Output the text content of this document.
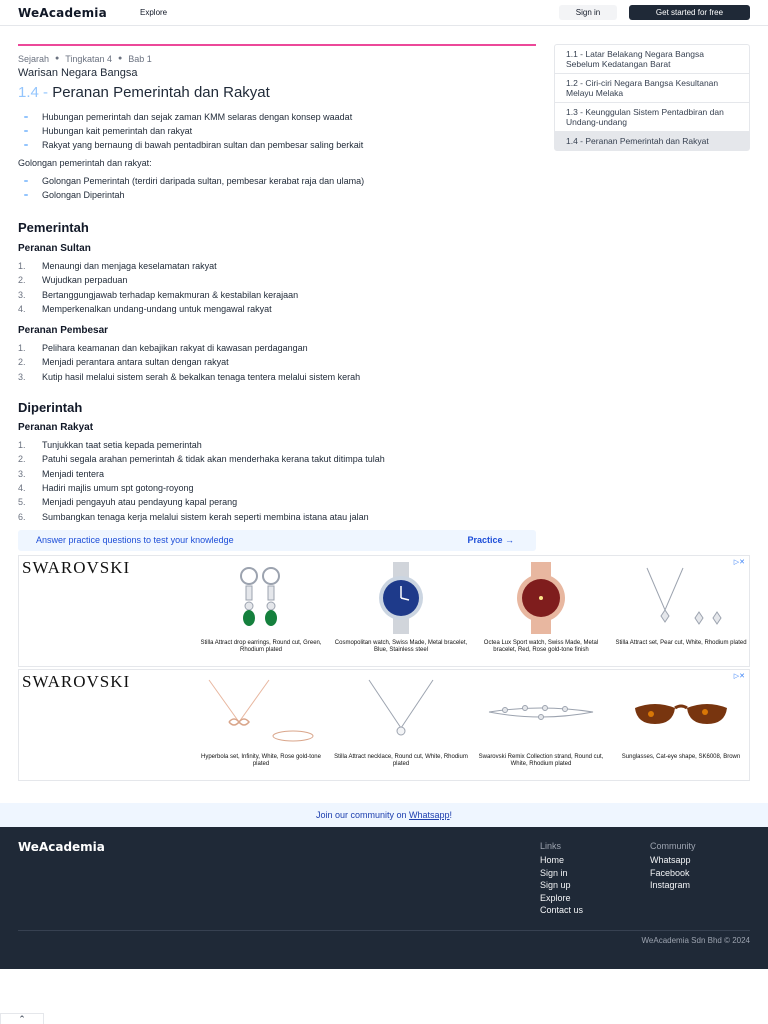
WeAcademia	Explore	Sign in	Get started for free
Sejarah ● Tingkatan 4 ● Bab 1
Warisan Negara Bangsa
1.4 - Peranan Pemerintah dan Rakyat
Hubungan pemerintah dan sejak zaman KMM selaras dengan konsep waadat
Hubungan kait pemerintah dan rakyat
Rakyat yang bernaung di bawah pentadbiran sultan dan pembesar saling berkait
Golongan pemerintah dan rakyat:
Golongan Pemerintah (terdiri daripada sultan, pembesar kerabat raja dan ulama)
Golongan Diperintah
Pemerintah
Peranan Sultan
1. Menaungi dan menjaga keselamatan rakyat
2. Wujudkan perpaduan
3. Bertanggungjawab terhadap kemakmuran & kestabilan kerajaan
4. Memperkenalkan undang-undang untuk mengawal rakyat
Peranan Pembesar
1. Pelihara keamanan dan kebajikan rakyat di kawasan perdagangan
2. Menjadi perantara antara sultan dengan rakyat
3. Kutip hasil melalui sistem serah & bekalkan tenaga tentera melalui sistem kerah
Diperintah
Peranan Rakyat
1. Tunjukkan taat setia kepada pemerintah
2. Patuhi segala arahan pemerintah & tidak akan menderhaka kerana takut ditimpa tulah
3. Menjadi tentera
4. Hadiri majlis umum spt gotong-royong
5. Menjadi pengayuh atau pendayung kapal perang
6. Sumbangkan tenaga kerja melalui sistem kerah seperti membina istana atau jalan
Answer practice questions to test your knowledge	Practice →
1.1 - Latar Belakang Negara Bangsa Sebelum Kedatangan Barat
1.2 - Ciri-ciri Negara Bangsa Kesultanan Melayu Melaka
1.3 - Keunggulan Sistem Pentadbiran dan Undang-undang
1.4 - Peranan Pemerintah dan Rakyat
SWAROVSKI	▷✕
Stilla Attract drop earrings, Round cut, Green, Rhodium plated
Cosmopolitan watch, Swiss Made, Metal bracelet, Blue, Stainless steel
Octea Lux Sport watch, Swiss Made, Metal bracelet, Red, Rose gold-tone finish
Stilla Attract set, Pear cut, White, Rhodium plated
SWAROVSKI	▷✕
Hyperbola set, Infinity, White, Rose gold-tone plated
Stilla Attract necklace, Round cut, White, Rhodium plated
Swarovski Remix Collection strand, Round cut, White, Rhodium plated
Sunglasses, Cat-eye shape, SK6008, Brown
Join our community on Whatsapp!
WeAcademia	Links
Home
Sign in
Sign up
Explore
Contact us
Community
Whatsapp
Facebook
Instagram
WeAcademia Sdn Bhd © 2024
⌃
